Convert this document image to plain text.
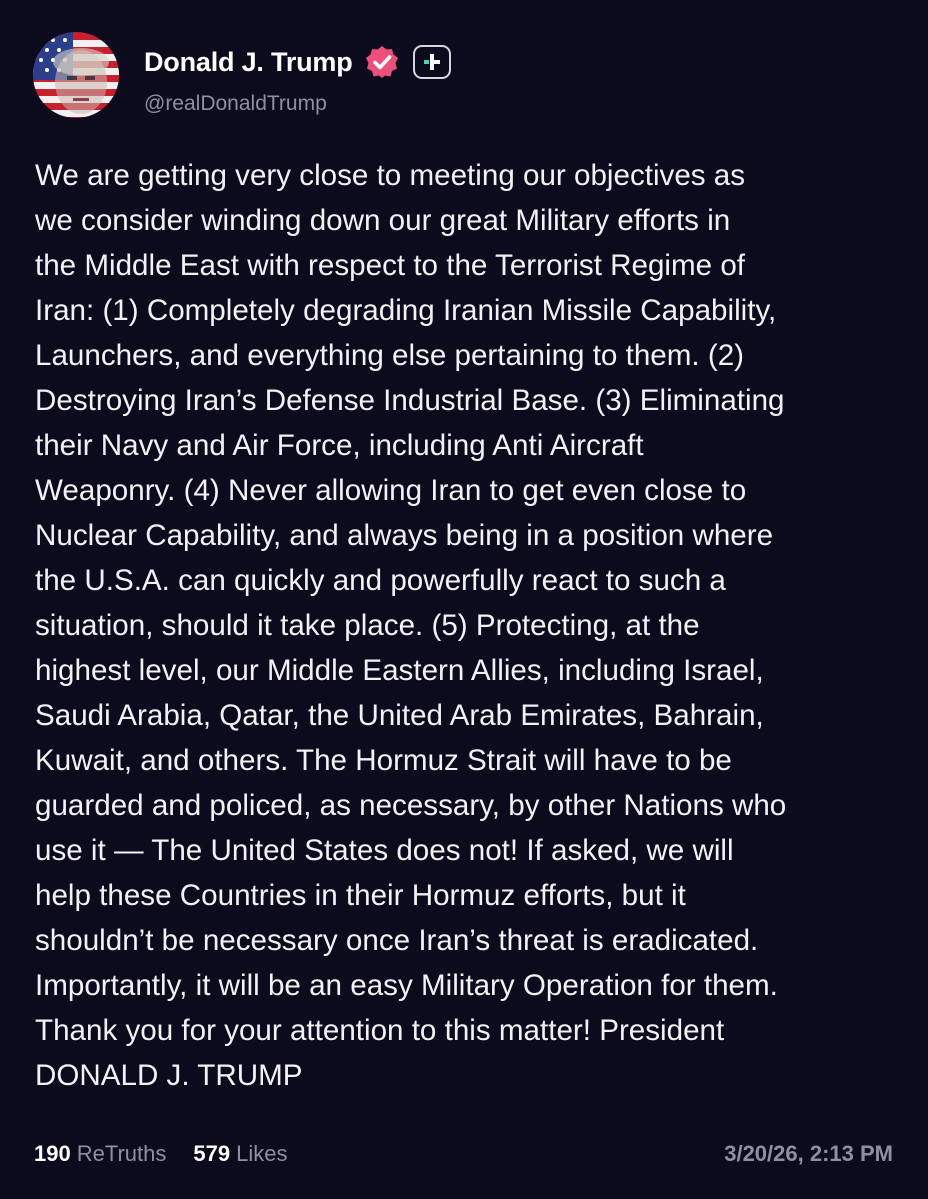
Donald J. Trump
@realDonaldTrump
We are getting very close to meeting our objectives as
we consider winding down our great Military efforts in
the Middle East with respect to the Terrorist Regime of
Iran: (1) Completely degrading Iranian Missile Capability,
Launchers, and everything else pertaining to them. (2)
Destroying Iran’s Defense Industrial Base. (3) Eliminating
their Navy and Air Force, including Anti Aircraft
Weaponry. (4) Never allowing Iran to get even close to
Nuclear Capability, and always being in a position where
the U.S.A. can quickly and powerfully react to such a
situation, should it take place. (5) Protecting, at the
highest level, our Middle Eastern Allies, including Israel,
Saudi Arabia, Qatar, the United Arab Emirates, Bahrain,
Kuwait, and others. The Hormuz Strait will have to be
guarded and policed, as necessary, by other Nations who
use it — The United States does not! If asked, we will
help these Countries in their Hormuz efforts, but it
shouldn’t be necessary once Iran’s threat is eradicated.
Importantly, it will be an easy Military Operation for them.
Thank you for your attention to this matter! President
DONALD J. TRUMP
190 ReTruths 579 Likes	3/20/26, 2:13 PM
